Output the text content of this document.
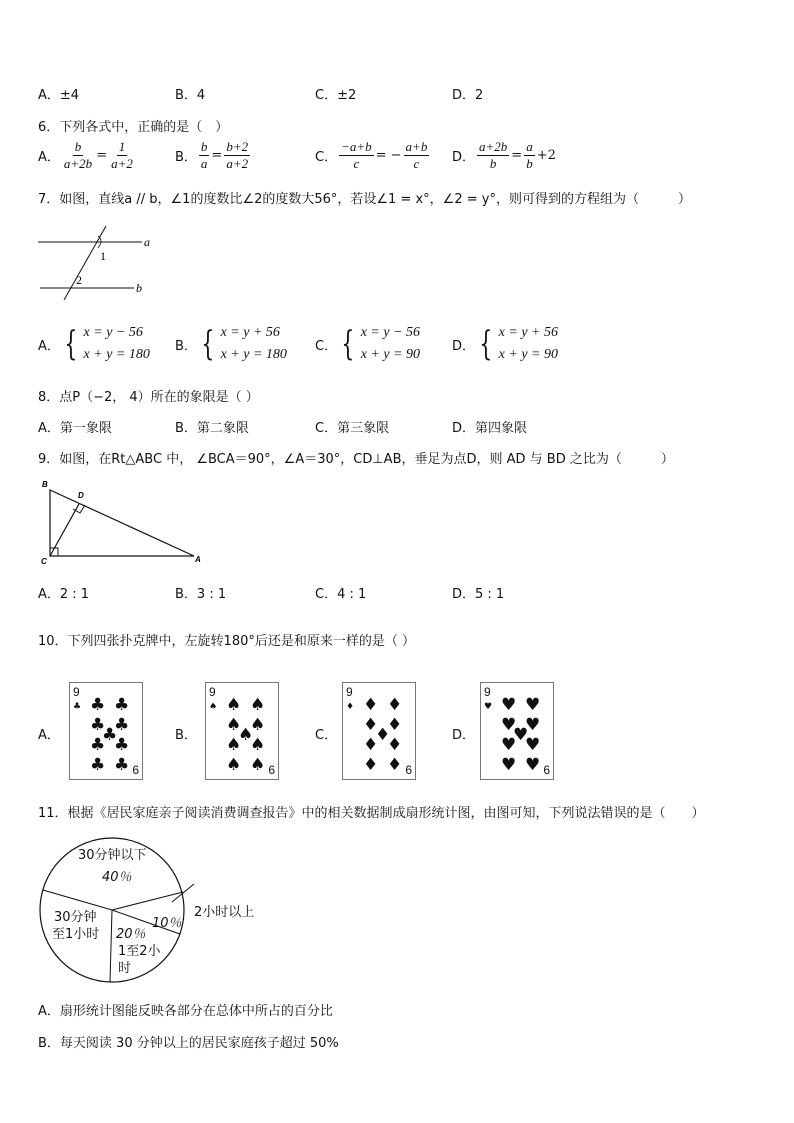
A．±4	B．4	C．±2	D．2
6．下列各式中，正确的是（　）
A． $\frac{b}{a+2b} = \frac{1}{a+2}$	B． $\frac{b}{a} = \frac{b+2}{a+2}$	C． $\frac{-a+b}{c}$ = − $\frac{a+b}{c}$ D． $\frac{a+2b}{b} = \frac{a}{b} +2$
7．如图，直线a // b，∠1的度数比∠2的度数大56°，若设∠1 = x°，∠2 = y°，则可得到的方程组为（　　　）
a
b
1
2
A． { x = y − 56
x + y = 180
B． { x = y + 56
x + y = 180
C． { x = y − 56
x + y = 90
D． { x = y + 56
x + y = 90
8．点P（−2， 4）所在的象限是（ ）
A．第一象限	B．第二象限	C．第三象限	D．第四象限
9．如图，在Rt△ABC 中， ∠BCA＝90°，∠A＝30°，CD⊥AB，垂足为点D，则 AD 与 BD 之比为（　　　）
B
D
C	A
A．2 : 1	B．3 : 1	C．4 : 1	D．5 : 1
10．下列四张扑克牌中，左旋转180°后还是和原来一样的是（ ）
A．	B．	C．	D．
9
6
♣ ♣ ♣
♣ ♣
♣
♣ ♣
♣ ♣
9
6
♠ ♠ ♠
♠ ♠
♠
♠ ♠
♠ ♠
9
6
♦ ♦ ♦
♦ ♦
♦
♦ ♦
♦ ♦
9
6
♥ ♥ ♥
♥ ♥
♥
♥ ♥
♥ ♥
11．根据《居民家庭亲子阅读消费调查报告》中的相关数据制成扇形统计图，由图可知，下列说法错误的是（　　）
30分钟以下
40％
30分钟
至1小时 20％
1至2小
时
10％
2小时以上
A．扇形统计图能反映各部分在总体中所占的百分比
B．每天阅读 30 分钟以上的居民家庭孩子超过 50%
